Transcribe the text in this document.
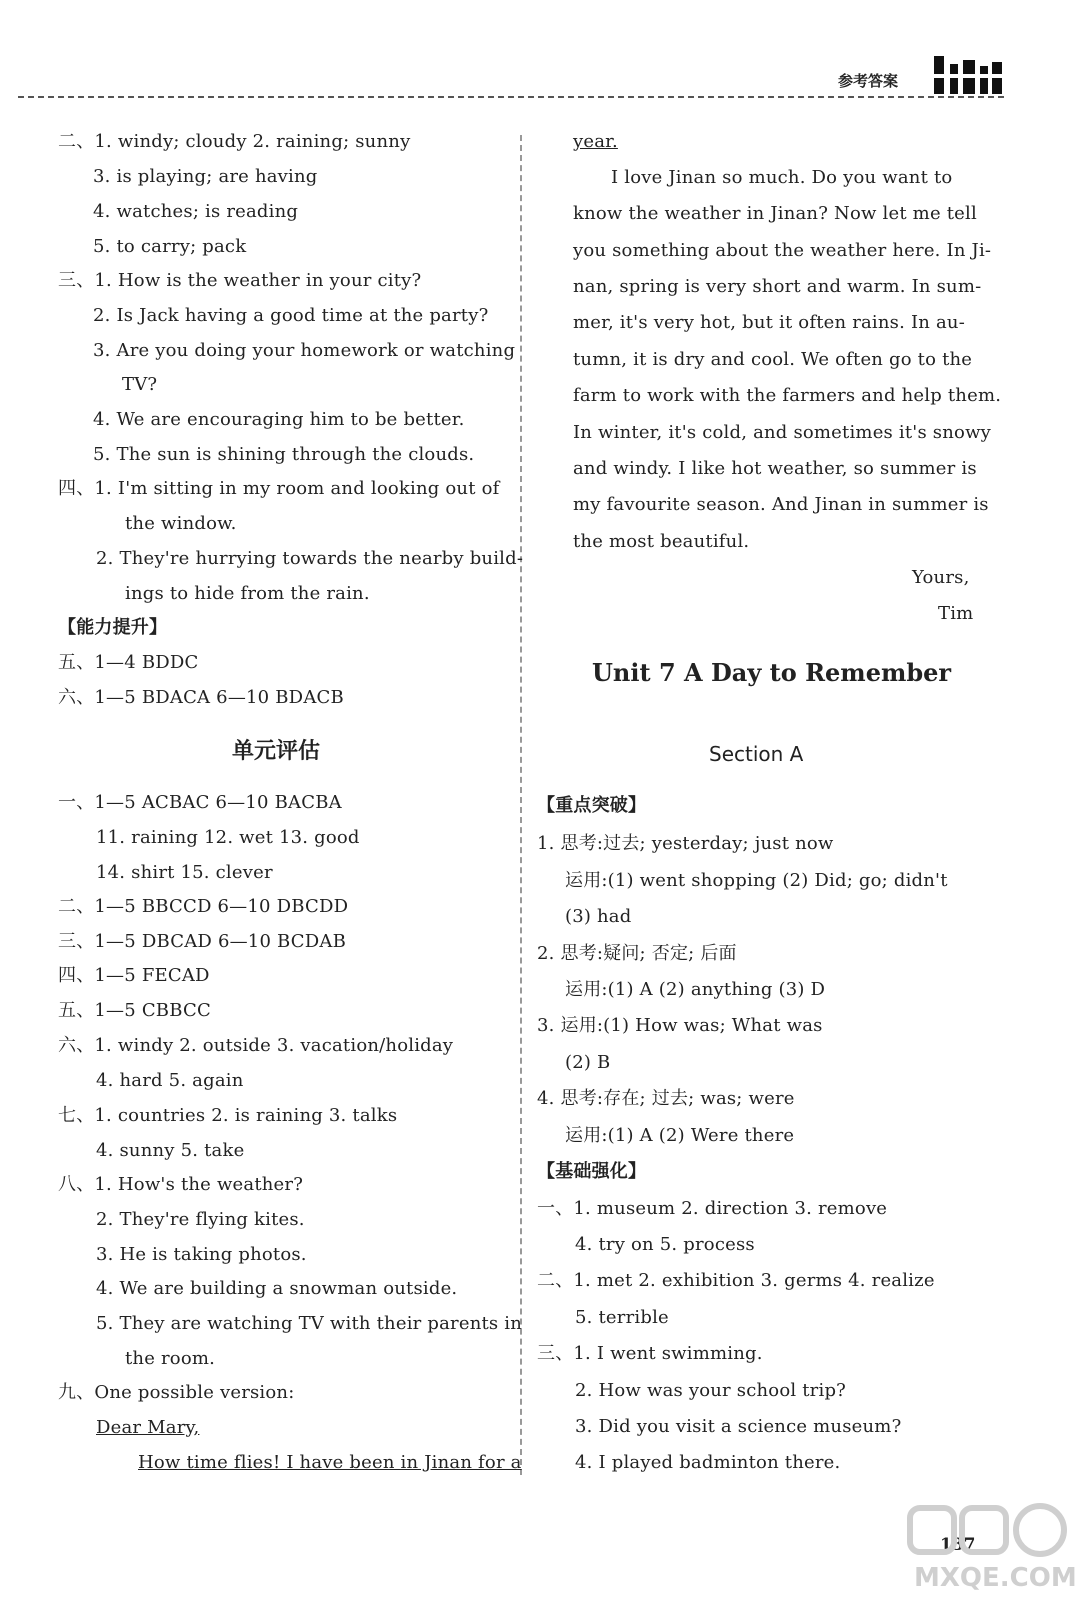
参考答案
二、1. windy; cloudy 2. raining; sunny
3. is playing; are having
4. watches; is reading
5. to carry; pack
三、1. How is the weather in your city?
2. Is Jack having a good time at the party?
3. Are you doing your homework or watching
TV?
4. We are encouraging him to be better.
5. The sun is shining through the clouds.
四、1. I'm sitting in my room and looking out of
the window.
2. They're hurrying towards the nearby build-
ings to hide from the rain.
【能力提升】
五、1—4 BDDC
六、1—5 BDACA 6—10 BDACB
一、1—5 ACBAC 6—10 BACBA
11. raining 12. wet 13. good
14. shirt 15. clever
二、1—5 BBCCD 6—10 DBCDD
三、1—5 DBCAD 6—10 BCDAB
四、1—5 FECAD
五、1—5 CBBCC
六、1. windy 2. outside 3. vacation/holiday
4. hard 5. again
七、1. countries 2. is raining 3. talks
4. sunny 5. take
八、1. How's the weather?
2. They're flying kites.
3. He is taking photos.
4. We are building a snowman outside.
5. They are watching TV with their parents in
the room.
九、One possible version:
Dear Mary,
How time flies! I have been in Jinan for a
单元评估
year.
I love Jinan so much. Do you want to
know the weather in Jinan? Now let me tell
you something about the weather here. In Ji-
nan, spring is very short and warm. In sum-
mer, it's very hot, but it often rains. In au-
tumn, it is dry and cool. We often go to the
farm to work with the farmers and help them.
In winter, it's cold, and sometimes it's snowy
and windy. I like hot weather, so summer is
my favourite season. And Jinan in summer is
the most beautiful.
Yours,
Tim
【重点突破】
1. 思考:过去; yesterday; just now
运用:(1) went shopping (2) Did; go; didn't
(3) had
2. 思考:疑问; 否定; 后面
运用:(1) A (2) anything (3) D
3. 运用:(1) How was; What was
(2) B
4. 思考:存在; 过去; was; were
运用:(1) A (2) Were there
【基础强化】
一、1. museum 2. direction 3. remove
4. try on 5. process
二、1. met 2. exhibition 3. germs 4. realize
5. terrible
三、1. I went swimming.
2. How was your school trip?
3. Did you visit a science museum?
4. I played badminton there.
Unit 7 A Day to Remember
Section A
137
MXQE.COM
